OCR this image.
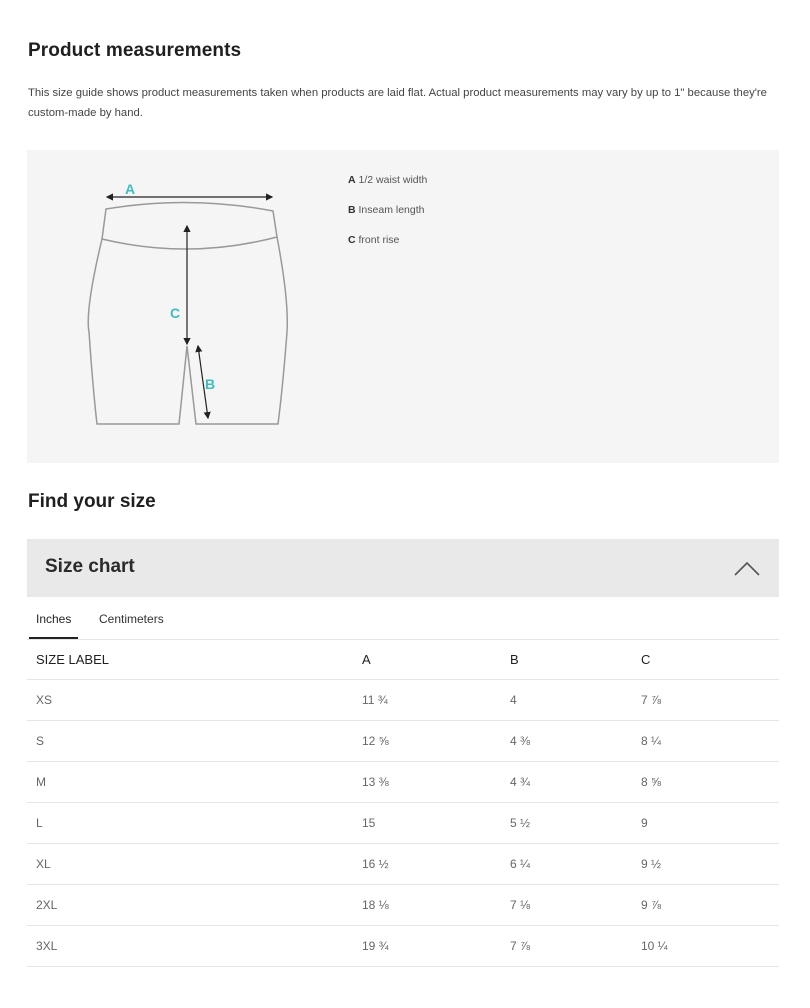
Product measurements

This size guide shows product measurements taken when products are laid flat. Actual product measurements may vary by up to 1" because they're custom-made by hand.

A
C
B
A 1/2 waist width
B Inseam length
C front rise
Find your size
Size chart
Inches	Centimeters
SIZE LABEL	A	B	C
XS	11 ¾	4	7 ⅞
S	12 ⅝	4 ⅜	8 ¼
M	13 ⅜	4 ¾	8 ⅝
L	15	5 ½	9
XL	16 ½	6 ¼	9 ½
2XL	18 ⅛	7 ⅛	9 ⅞
3XL	19 ¾	7 ⅞	10 ¼
